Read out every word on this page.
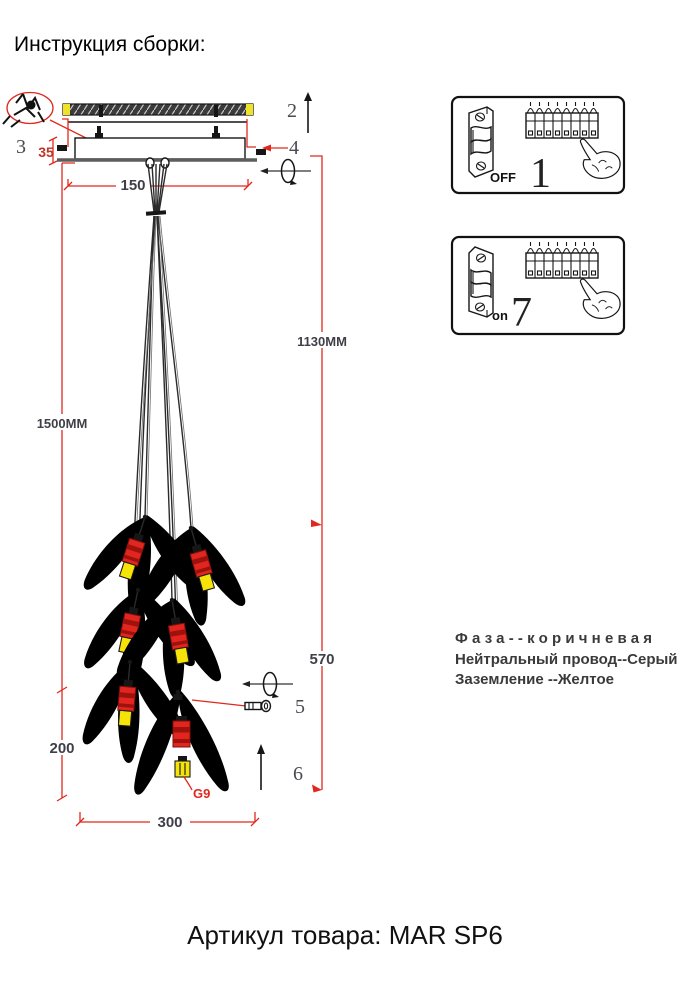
Инструкция сборки:
2
3	4
35
150
1500MM
200
1130MM
570
300
G9
5
6
OFF 1
on 7
Фаза--коричневая
Нейтральный провод--Серый
Заземление --Желтое
Артикул товара: MAR SP6
